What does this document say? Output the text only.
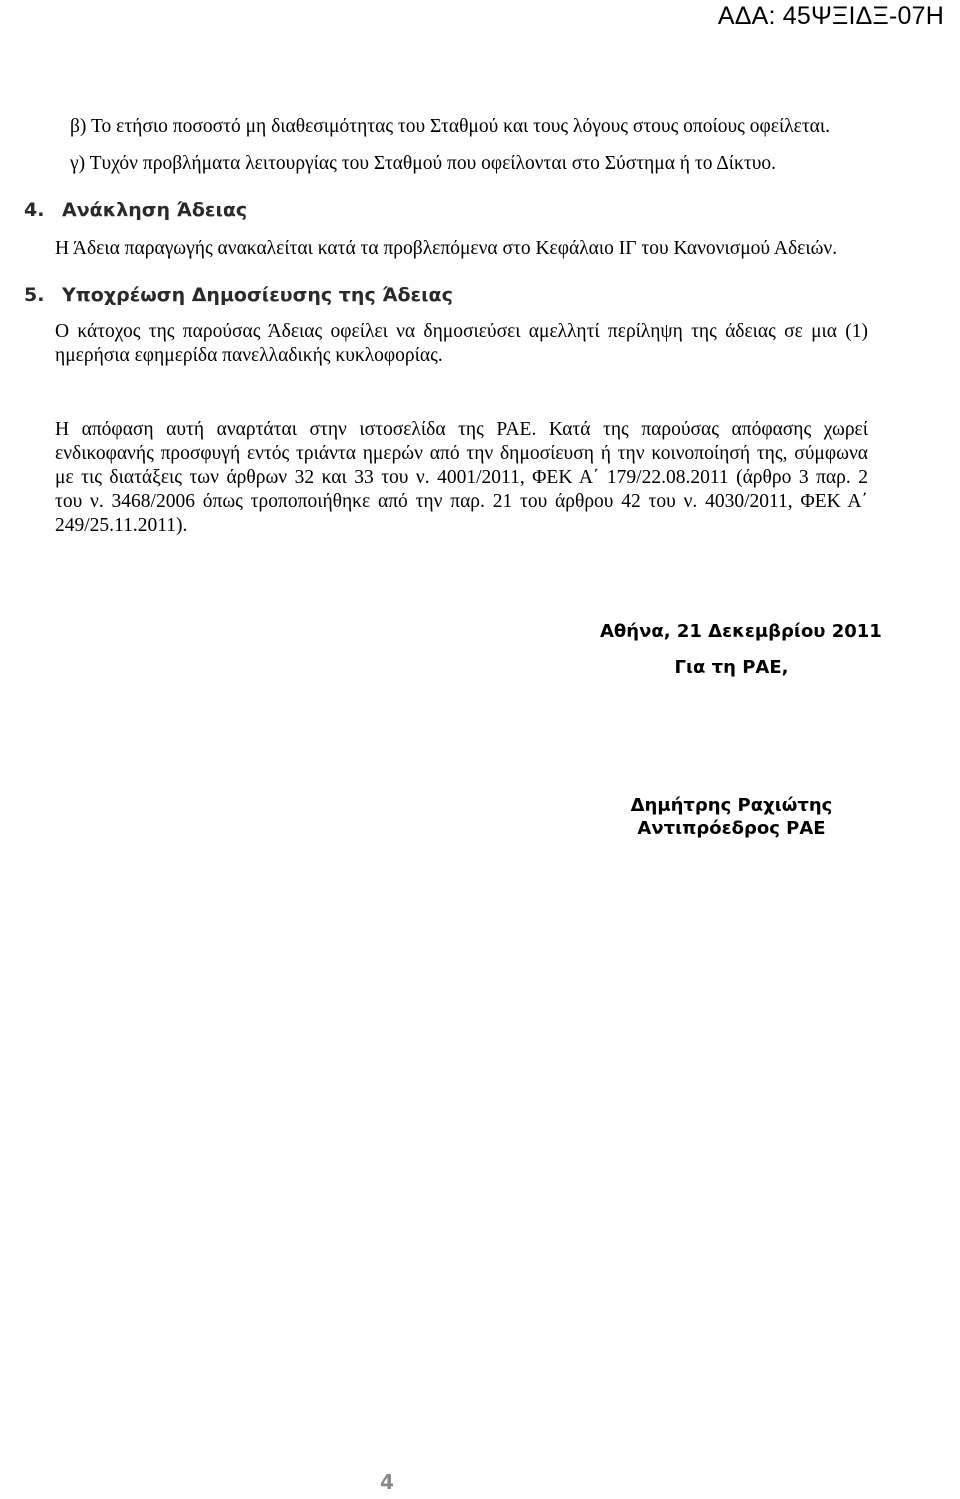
ΑΔΑ: 45ΨΞΙΔΞ-07Η
β) Το ετήσιο ποσοστό μη διαθεσιμότητας του Σταθμού και τους λόγους στους οποίους οφείλεται.
γ) Τυχόν προβλήματα λειτουργίας του Σταθμού που οφείλονται στο Σύστημα ή το Δίκτυο.
4. Ανάκληση Άδειας
Η Άδεια παραγωγής ανακαλείται κατά τα προβλεπόμενα στο Κεφάλαιο ΙΓ του Κανονισμού Αδειών.
5. Υποχρέωση Δημοσίευσης της Άδειας
Ο κάτοχος της παρούσας Άδειας οφείλει να δημοσιεύσει αμελλητί περίληψη της άδειας σε μια (1)
ημερήσια εφημερίδα πανελλαδικής κυκλοφορίας.
Η απόφαση αυτή αναρτάται στην ιστοσελίδα της ΡΑΕ. Κατά της παρούσας απόφασης χωρεί
ενδικοφανής προσφυγή εντός τριάντα ημερών από την δημοσίευση ή την κοινοποίησή της, σύμφωνα
με τις διατάξεις των άρθρων 32 και 33 του ν. 4001/2011, ΦΕΚ Α΄ 179/22.08.2011 (άρθρο 3 παρ. 2
του ν. 3468/2006 όπως τροποποιήθηκε από την παρ. 21 του άρθρου 42 του ν. 4030/2011, ΦΕΚ Α΄
249/25.11.2011).
Αθήνα, 21 Δεκεμβρίου 2011
Για τη ΡΑΕ,
Δημήτρης Ραχιώτης
Αντιπρόεδρος ΡΑΕ
4
